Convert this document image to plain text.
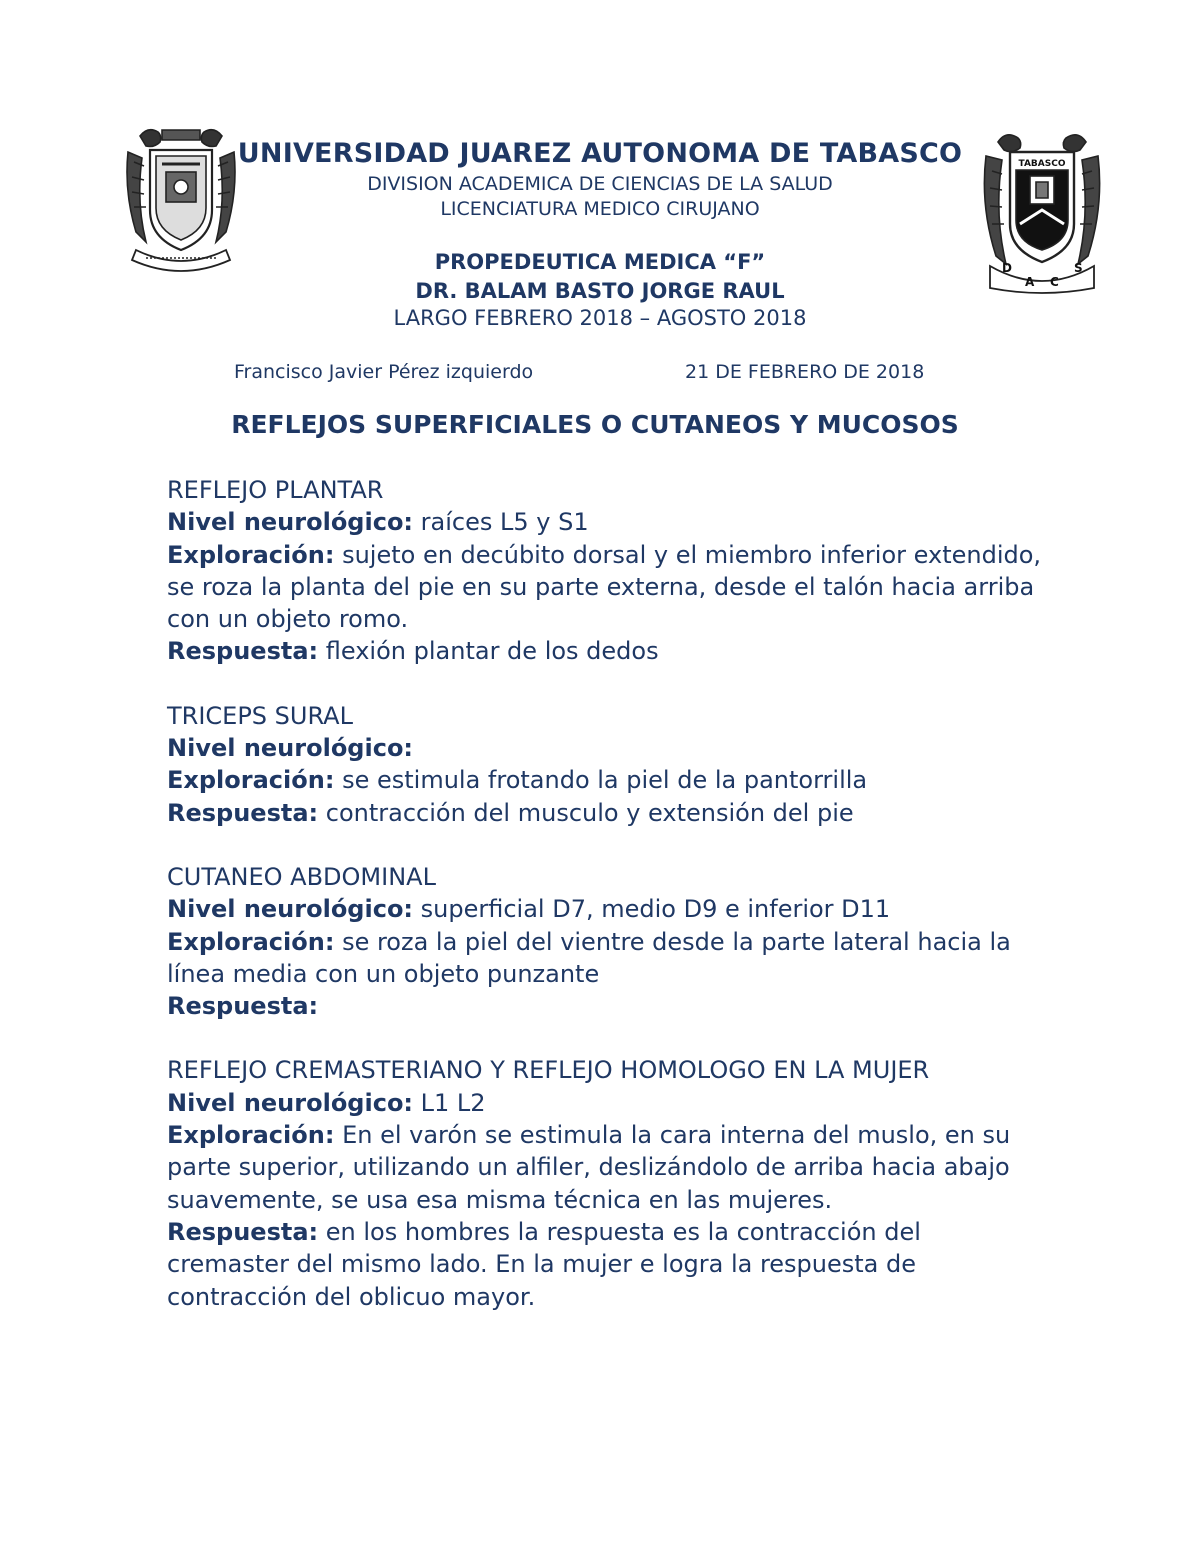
TABASCO
D
A C
S
UNIVERSIDAD JUAREZ AUTONOMA DE TABASCO
DIVISION ACADEMICA DE CIENCIAS DE LA SALUD
LICENCIATURA MEDICO CIRUJANO
PROPEDEUTICA MEDICA “F”
DR. BALAM BASTO JORGE RAUL
LARGO FEBRERO 2018 – AGOSTO 2018
Francisco Javier Pérez izquierdo	21 DE FEBRERO DE 2018
REFLEJOS SUPERFICIALES O CUTANEOS Y MUCOSOS
REFLEJO PLANTAR
Nivel neurológico: raíces L5 y S1
Exploración: sujeto en decúbito dorsal y el miembro inferior extendido, se roza la planta del pie en su parte externa, desde el talón hacia arriba con un objeto romo.
Respuesta: flexión plantar de los dedos
TRICEPS SURAL
Nivel neurológico:
Exploración: se estimula frotando la piel de la pantorrilla
Respuesta: contracción del musculo y extensión del pie
CUTANEO ABDOMINAL
Nivel neurológico: superficial D7, medio D9 e inferior D11
Exploración: se roza la piel del vientre desde la parte lateral hacia la línea media con un objeto punzante
Respuesta:
REFLEJO CREMASTERIANO Y REFLEJO HOMOLOGO EN LA MUJER
Nivel neurológico: L1 L2
Exploración: En el varón se estimula la cara interna del muslo, en su parte superior, utilizando un alfiler, deslizándolo de arriba hacia abajo suavemente, se usa esa misma técnica en las mujeres.
Respuesta: en los hombres la respuesta es la contracción del cremaster del mismo lado. En la mujer e logra la respuesta de contracción del oblicuo mayor.
